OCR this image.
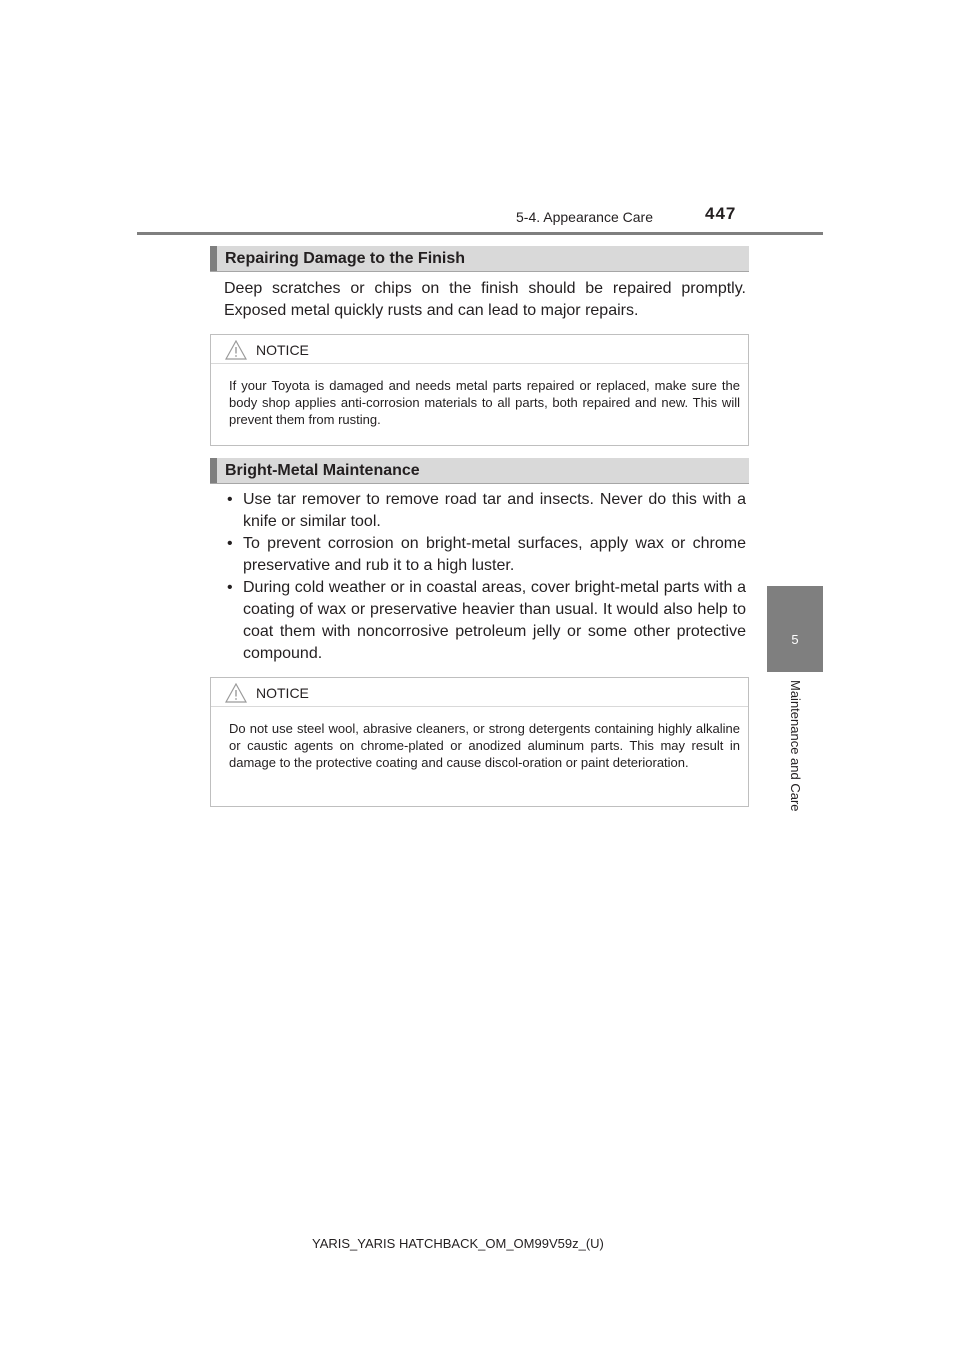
5-4. Appearance Care	447
5
Maintenance and Care
Repairing Damage to the Finish
Deep scratches or chips on the finish should be repaired promptly. Exposed metal quickly rusts and can lead to major repairs.
NOTICE
If your Toyota is damaged and needs metal parts repaired or replaced, make sure the body shop applies anti-corrosion materials to all parts, both repaired and new. This will prevent them from rusting.
Bright-Metal Maintenance
• Use tar remover to remove road tar and insects. Never do this with a knife or similar tool.
• To prevent corrosion on bright-metal surfaces, apply wax or chrome preservative and rub it to a high luster.
• During cold weather or in coastal areas, cover bright-metal parts with a coating of wax or preservative heavier than usual. It would also help to coat them with noncorrosive petroleum jelly or some other protective compound.
NOTICE
Do not use steel wool, abrasive cleaners, or strong detergents containing highly alkaline or caustic agents on chrome-plated or anodized aluminum parts. This may result in damage to the protective coating and cause discol-oration or paint deterioration.
YARIS_YARIS HATCHBACK_OM_OM99V59z_(U)
